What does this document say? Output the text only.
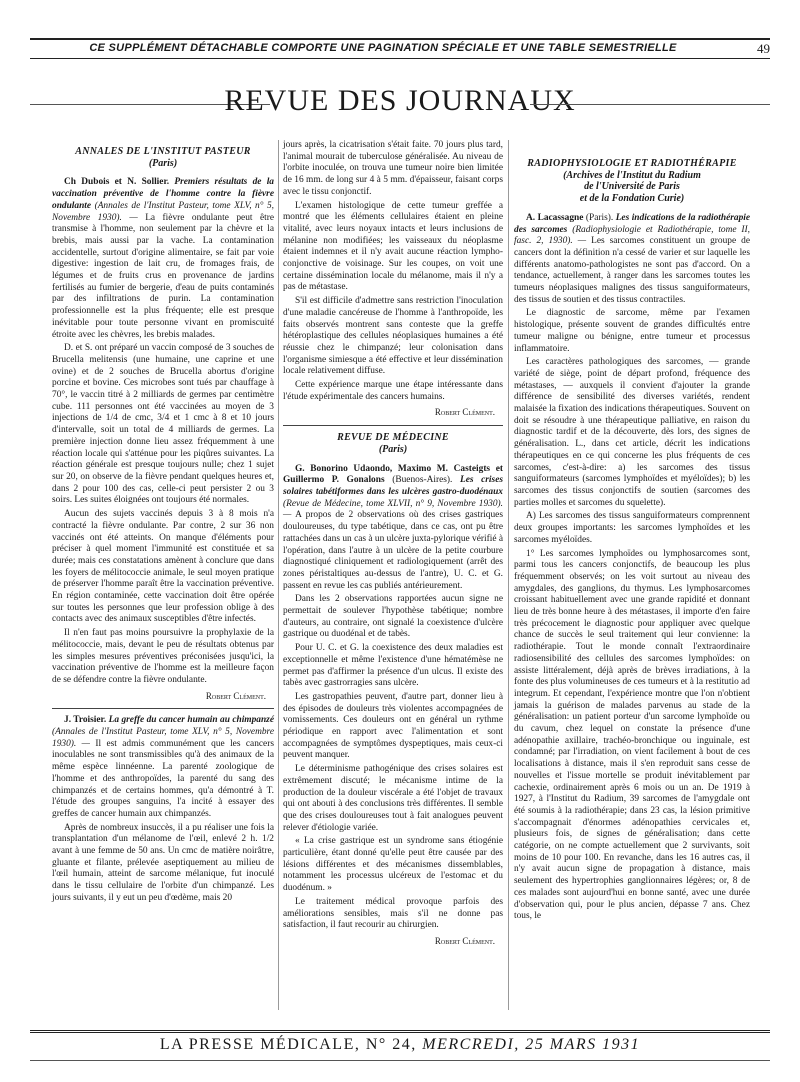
CE SUPPLÉMENT DÉTACHABLE COMPORTE UNE PAGINATION SPÉCIALE ET UNE TABLE SEMESTRIELLE	49
REVUE DES JOURNAUX
ANNALES DE L'INSTITUT PASTEUR
(Paris)

Ch Dubois et N. Sollier. Premiers résultats de la vaccination préventive de l'homme contre la fièvre ondulante (Annales de l'Institut Pasteur, tome XLV, n° 5, Novembre 1930). — La fièvre ondulante peut être transmise à l'homme, non seulement par la chèvre et la brebis, mais aussi par la vache. La contamination accidentelle, surtout d'origine alimentaire, se fait par voie digestive: ingestion de lait cru, de fromages frais, de légumes et de fruits crus en provenance de jardins fertilisés au fumier de bergerie, d'eau de puits contaminés par des infiltrations de purin. La contamination professionnelle est la plus fréquente; elle est presque inévitable pour toute personne vivant en promiscuité étroite avec les chèvres, les brebis malades.

D. et S. ont préparé un vaccin composé de 3 souches de Brucella melitensis (une humaine, une caprine et une ovine) et de 2 souches de Brucella abortus d'origine porcine et bovine. Ces microbes sont tués par chauffage à 70°, le vaccin titré à 2 milliards de germes par centimètre cube. 111 personnes ont été vaccinées au moyen de 3 injections de 1/4 de cmc, 3/4 et 1 cmc à 8 et 10 jours d'intervalle, soit un total de 4 milliards de germes. La première injection donne lieu assez fréquemment à une réaction locale qui s'atténue pour les piqûres suivantes. La réaction générale est presque toujours nulle; chez 1 sujet sur 20, on observe de la fièvre pendant quelques heures et, dans 2 pour 100 des cas, celle-ci peut persister 2 ou 3 soirs. Les suites éloignées ont toujours été normales.

Aucun des sujets vaccinés depuis 3 à 8 mois n'a contracté la fièvre ondulante. Par contre, 2 sur 36 non vaccinés ont été atteints. On manque d'éléments pour préciser à quel moment l'immunité est constituée et sa durée; mais ces constatations amènent à conclure que dans les foyers de mélitococcie animale, le seul moyen pratique de préserver l'homme paraît être la vaccination préventive. En région contaminée, cette vaccination doit être opérée sur toutes les personnes que leur profession oblige à des contacts avec des animaux susceptibles d'être infectés.

Il n'en faut pas moins poursuivre la prophylaxie de la mélitococcie, mais, devant le peu de résultats obtenus par les simples mesures préventives préconisées jusqu'ici, la vaccination préventive de l'homme est la meilleure façon de se défendre contre la fièvre ondulante.

Robert Clément.

J. Troisier. La greffe du cancer humain au chimpanzé (Annales de l'Institut Pasteur, tome XLV, n° 5, Novembre 1930). — Il est admis communément que les cancers inoculables ne sont transmissibles qu'à des animaux de la même espèce linnéenne. La parenté zoologique de l'homme et des anthropoïdes, la parenté du sang des chimpanzés et de certains hommes, qu'a démontré à T. l'étude des groupes sanguins, l'a incité à essayer des greffes de cancer humain aux chimpanzés.

Après de nombreux insuccès, il a pu réaliser une fois la transplantation d'un mélanome de l'œil, enlevé 2 h. 1/2 avant à une femme de 50 ans. Un cmc de matière noirâtre, gluante et filante, prélevée aseptiquement au milieu de l'œil humain, atteint de sarcome mélanique, fut inoculé dans le tissu cellulaire de l'orbite d'un chimpanzé. Les jours suivants, il y eut un peu d'œdème, mais 20

jours après, la cicatrisation s'était faite. 70 jours plus tard, l'animal mourait de tuberculose généralisée. Au niveau de l'orbite inoculée, on trouva une tumeur noire bien limitée de 16 mm. de long sur 4 à 5 mm. d'épaisseur, faisant corps avec le tissu conjonctif.

L'examen histologique de cette tumeur greffée a montré que les éléments cellulaires étaient en pleine vitalité, avec leurs noyaux intacts et leurs inclusions de mélanine non modifiées; les vaisseaux du néoplasme étaient indemnes et il n'y avait aucune réaction lympho-conjonctive de voisinage. Sur les coupes, on voit une certaine dissémination locale du mélanome, mais il n'y a pas de métastase.

S'il est difficile d'admettre sans restriction l'inoculation d'une maladie cancéreuse de l'homme à l'anthropoïde, les faits observés montrent sans conteste que la greffe hétéroplastique des cellules néoplasiques humaines a été réussie chez le chimpanzé; leur colonisation dans l'organisme simiesque a été effective et leur dissémination locale relativement diffuse.

Cette expérience marque une étape intéressante dans l'étude expérimentale des cancers humains.

Robert Clément.
REVUE DE MÉDECINE
(Paris)

G. Bonorino Udaondo, Maximo M. Casteigts et Guillermo P. Gonalons (Buenos-Aires). Les crises solaires tabétiformes dans les ulcères gastro-duodénaux (Revue de Médecine, tome XLVII, n° 9, Novembre 1930). — A propos de 2 observations où des crises gastriques douloureuses, du type tabétique, dans ce cas, ont pu être rattachées dans un cas à un ulcère juxta-pylorique vérifié à l'opération, dans l'autre à un ulcère de la petite courbure diagnostiqué cliniquement et radiologiquement (arrêt des zones péristaltiques au-dessus de l'antre), U. C. et G. passent en revue les cas publiés antérieurement.

Dans les 2 observations rapportées aucun signe ne permettait de soulever l'hypothèse tabétique; nombre d'auteurs, au contraire, ont signalé la coexistence d'ulcère gastrique ou duodénal et de tabès.

Pour U. C. et G. la coexistence des deux maladies est exceptionnelle et même l'existence d'une hématémèse ne permet pas d'affirmer la présence d'un ulcus. Il existe des tabès avec gastrorragies sans ulcère.

Les gastropathies peuvent, d'autre part, donner lieu à des épisodes de douleurs très violentes accompagnées de vomissements. Ces douleurs ont en général un rythme périodique en rapport avec l'alimentation et sont accompagnées de symptômes dyspeptiques, mais ceux-ci peuvent manquer.

Le déterminisme pathogénique des crises solaires est extrêmement discuté; le mécanisme intime de la production de la douleur viscérale a été l'objet de travaux qui ont abouti à des conclusions très différentes. Il semble que des crises douloureuses tout à fait analogues peuvent relever d'étiologie variée.

« La crise gastrique est un syndrome sans étiogénie particulière, étant donné qu'elle peut être causée par des lésions différentes et des mécanismes dissemblables, notamment les processus ulcéreux de l'estomac et du duodénum. »

Le traitement médical provoque parfois des améliorations sensibles, mais s'il ne donne pas satisfaction, il faut recourir au chirurgien.

Robert Clément.
RADIOPHYSIOLOGIE ET RADIOTHÉRAPIE
(Archives de l'Institut du Radium
de l'Université de Paris
et de la Fondation Curie)

A. Lacassagne (Paris). Les indications de la radiothérapie des sarcomes (Radiophysiologie et Radiothérapie, tome II, fasc. 2, 1930). — Les sarcomes constituent un groupe de cancers dont la définition n'a cessé de varier et sur laquelle les différents anatomo-pathologistes ne sont pas d'accord. On a tendance, actuellement, à ranger dans les sarcomes toutes les tumeurs néoplasiques malignes des tissus sanguiformateurs, des tissus de soutien et des tissus contractiles.

Le diagnostic de sarcome, même par l'examen histologique, présente souvent de grandes difficultés entre tumeur maligne ou bénigne, entre tumeur et processus inflammatoire.

Les caractères pathologiques des sarcomes, — grande variété de siège, point de départ profond, fréquence des métastases, — auxquels il convient d'ajouter la grande différence de sensibilité des diverses variétés, rendent malaisée la fixation des indications thérapeutiques. Souvent on doit se résoudre à une thérapeutique palliative, en raison du diagnostic tardif et de la découverte, dès lors, des signes de généralisation. L., dans cet article, décrit les indications thérapeutiques en ce qui concerne les plus fréquents de ces sarcomes, c'est-à-dire: a) les sarcomes des tissus sanguiformateurs (sarcomes lymphoïdes et myéloïdes); b) les sarcomes des tissus conjonctifs de soutien (sarcomes des parties molles et sarcomes du squelette).

A) Les sarcomes des tissus sanguiformateurs comprennent deux groupes importants: les sarcomes lymphoïdes et les sarcomes myéloïdes.

1° Les sarcomes lymphoïdes ou lymphosarcomes sont, parmi tous les cancers conjonctifs, de beaucoup les plus fréquemment observés; on les voit surtout au niveau des amygdales, des ganglions, du thymus. Les lymphosarcomes croissant habituellement avec une grande rapidité et donnant lieu de très bonne heure à des métastases, il importe d'en faire très précocement le diagnostic pour appliquer avec quelque chance de succès le seul traitement qui leur convienne: la radiothérapie. Tout le monde connaît l'extraordinaire radiosensibilité des cellules des sarcomes lymphoïdes: on assiste littéralement, déjà après de brèves irradiations, à la fonte des plus volumineuses de ces tumeurs et à la restitutio ad integrum. Et cependant, l'expérience montre que l'on n'obtient jamais la guérison de malades parvenus au stade de la généralisation: un patient porteur d'un sarcome lymphoïde ou du cavum, chez lequel on constate la présence d'une adénopathie axillaire, trachéo-bronchique ou inguinale, est condamné; par l'irradiation, on vient facilement à bout de ces localisations à distance, mais il s'en reproduit sans cesse de nouvelles et l'issue mortelle se produit inévitablement par cachexie, ordinairement après 6 mois ou un an. De 1919 à 1927, à l'Institut du Radium, 39 sarcomes de l'amygdale ont été soumis à la radiothérapie; dans 23 cas, la lésion primitive s'accompagnait d'énormes adénopathies cervicales et, plusieurs fois, de signes de généralisation; dans cette catégorie, on ne compte actuellement que 2 survivants, soit moins de 10 pour 100. En revanche, dans les 16 autres cas, il n'y avait aucun signe de propagation à distance, mais seulement des hypertrophies ganglionnaires légères; or, 8 de ces malades sont aujourd'hui en bonne santé, avec une durée d'observation qui, pour le plus ancien, dépasse 7 ans. Chez tous, le

LA PRESSE MÉDICALE, N° 24, MERCREDI, 25 MARS 1931
